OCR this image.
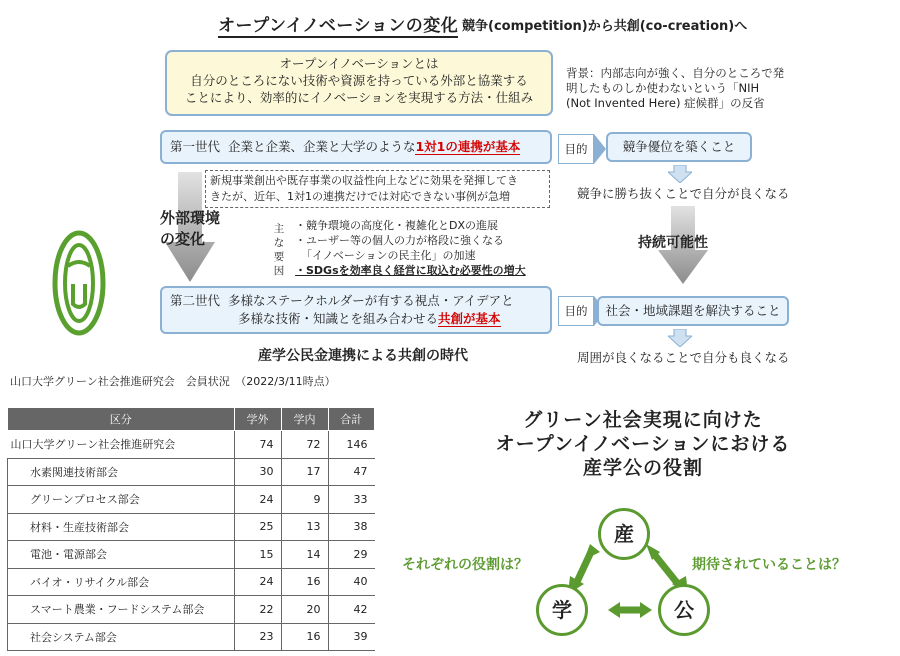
オープンイノベーションの変化 競争(competition)から共創(co-creation)へ
オープンイノベーションとは
自分のところにない技術や資源を持っている外部と協業する
ことにより、効率的にイノベーションを実現する方法・仕組み
背景：内部志向が強く、自分のところで発
明したものしか使わないという「NIH
(Not Invented Here) 症候群」の反省
第一世代 企業と企業、企業と大学のような1対1の連携が基本	目的	競争優位を築くこと
競争に勝ち抜くことで自分が良くなる
新規事業創出や既存事業の収益性向上などに効果を発揮してき
きたが、近年、1対1の連携だけでは対応できない事例が急増
外部環境
の変化
主
な
要
因
・競争環境の高度化・複雑化とDXの進展
・ユーザー等の個人の力が格段に強くなる
「イノベーションの民主化」の加速
・SDGsを効率良く経営に取込む必要性の増大
持続可能性
第二世代 多様なステークホルダーが有する視点・アイデアと
多様な技術・知識とを組み合わせる共創が基本	目的	社会・地域課題を解決すること
周囲が良くなることで自分も良くなる
産学公民金連携による共創の時代
山口大学グリーン社会推進研究会　会員状況　（2022/3/11時点）
区分	学外	学内	合計
山口大学グリーン社会推進研究会	74	72	146
水素関連技術部会	30	17	47
グリーンプロセス部会	24	9	33
材料・生産技術部会	25	13	38
電池・電源部会	15	14	29
バイオ・リサイクル部会	24	16	40
スマート農業・フードシステム部会	22	20	42
社会システム部会	23	16	39
グリーン社会実現に向けた
オープンイノベーションにおける
産学公の役割
産
学	公
それぞれの役割は？	期待されていることは？
